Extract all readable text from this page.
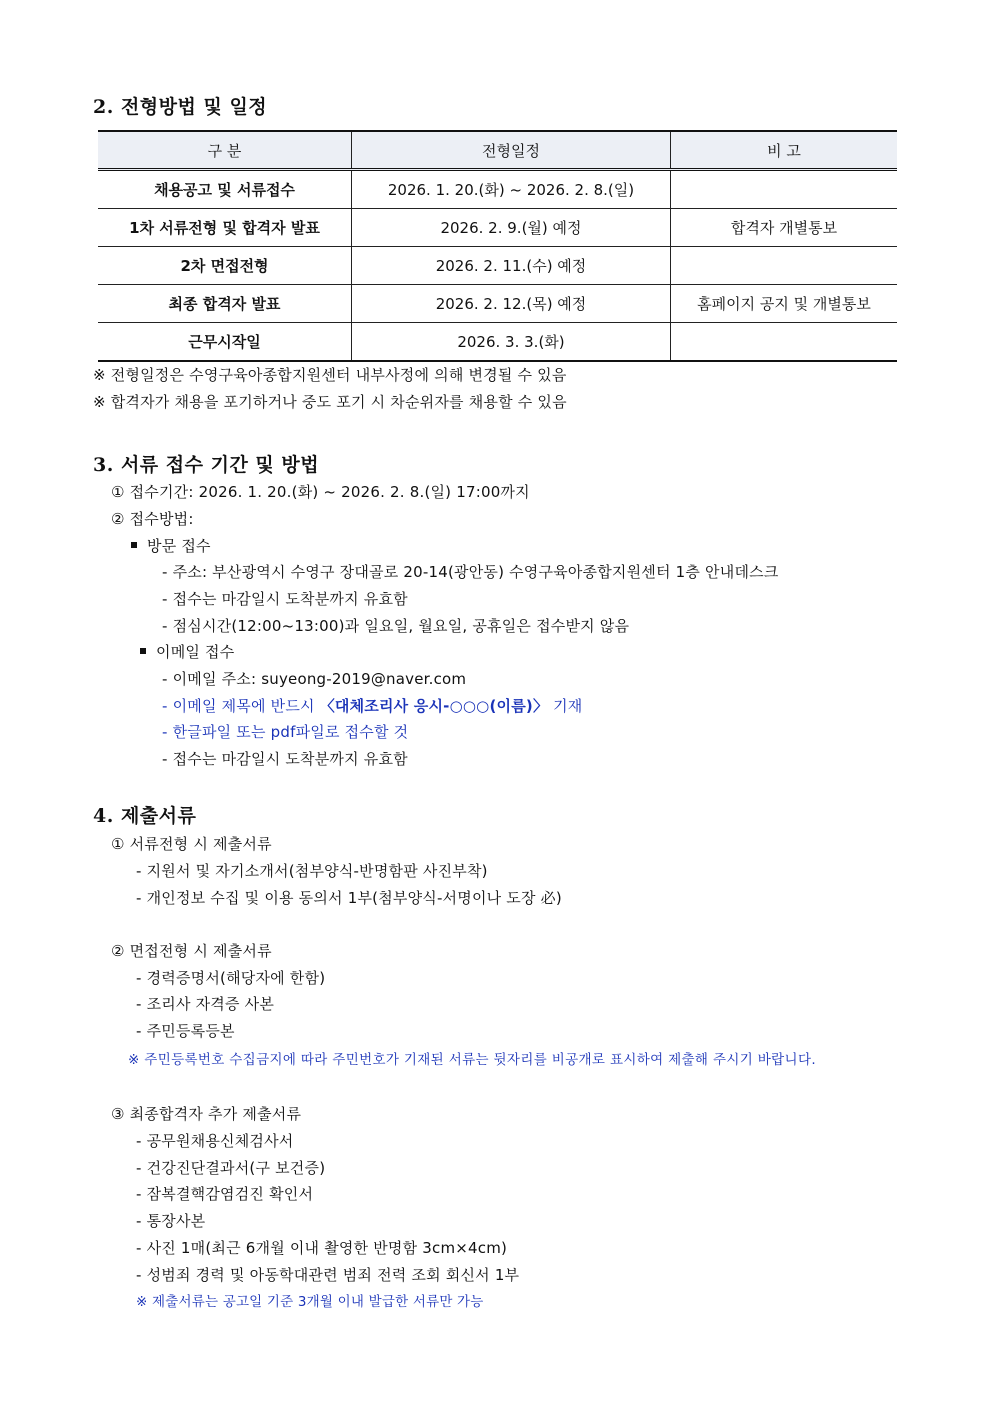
2. 전형방법 및 일정
구 분	전형일정	비 고
채용공고 및 서류접수	2026. 1. 20.(화) ~ 2026. 2. 8.(일)	
1차 서류전형 및 합격자 발표	2026. 2. 9.(월) 예정	합격자 개별통보
2차 면접전형	2026. 2. 11.(수) 예정	
최종 합격자 발표	2026. 2. 12.(목) 예정	홈페이지 공지 및 개별통보
근무시작일	2026. 3. 3.(화)	
※ 전형일정은 수영구육아종합지원센터 내부사정에 의해 변경될 수 있음
※ 합격자가 채용을 포기하거나 중도 포기 시 차순위자를 채용할 수 있음
3. 서류 접수 기간 및 방법
① 접수기간: 2026. 1. 20.(화) ~ 2026. 2. 8.(일) 17:00까지
② 접수방법:
방문 접수
- 주소: 부산광역시 수영구 장대골로 20-14(광안동) 수영구육아종합지원센터 1층 안내데스크
- 접수는 마감일시 도착분까지 유효함
- 점심시간(12:00~13:00)과 일요일, 월요일, 공휴일은 접수받지 않음
이메일 접수
- 이메일 주소: suyeong-2019@naver.com
- 이메일 제목에 반드시 〈대체조리사 응시-○○○(이름)〉 기재
- 한글파일 또는 pdf파일로 접수할 것
- 접수는 마감일시 도착분까지 유효함
4. 제출서류
① 서류전형 시 제출서류
- 지원서 및 자기소개서(첨부양식-반명함판 사진부착)
- 개인정보 수집 및 이용 동의서 1부(첨부양식-서명이나 도장 必)
② 면접전형 시 제출서류
- 경력증명서(해당자에 한함)
- 조리사 자격증 사본
- 주민등록등본
※ 주민등록번호 수집금지에 따라 주민번호가 기재된 서류는 뒷자리를 비공개로 표시하여 제출해 주시기 바랍니다.
③ 최종합격자 추가 제출서류
- 공무원채용신체검사서
- 건강진단결과서(구 보건증)
- 잠복결핵감염검진 확인서
- 통장사본
- 사진 1매(최근 6개월 이내 촬영한 반명함 3cm×4cm)
- 성범죄 경력 및 아동학대관련 범죄 전력 조회 회신서 1부
※ 제출서류는 공고일 기준 3개월 이내 발급한 서류만 가능
